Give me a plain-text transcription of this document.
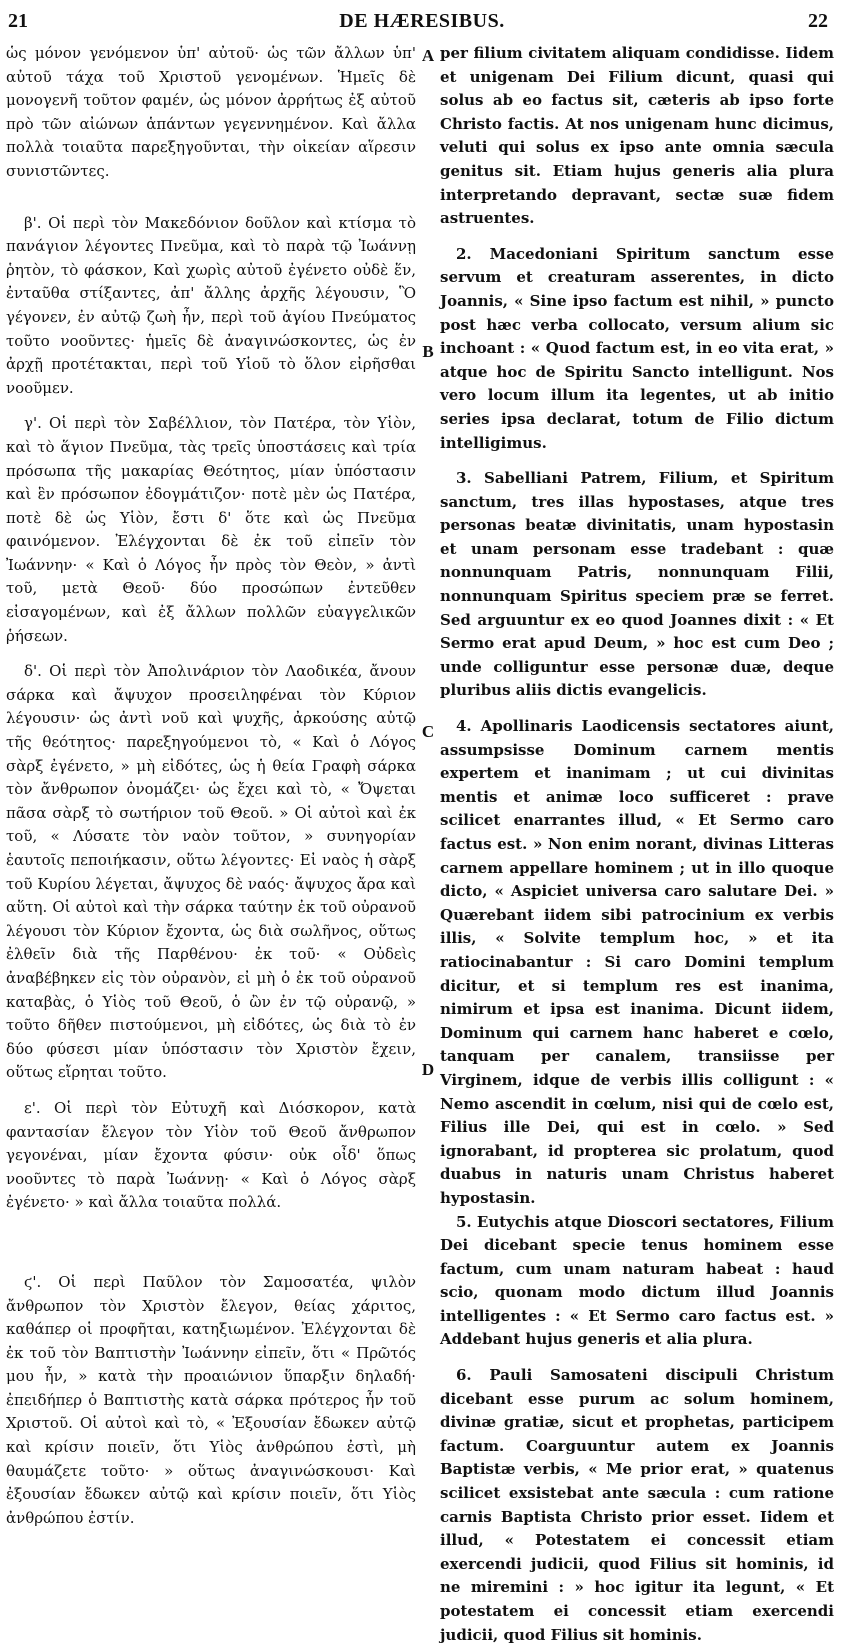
21	DE HÆRESIBUS.	22

ὡς μόνον γενόμενον ὑπ' αὐτοῦ· ὡς τῶν ἄλλων ὑπ' αὐτοῦ τάχα τοῦ Χριστοῦ γενομένων. Ἡμεῖς δὲ μονογενῆ τοῦτον φαμέν, ὡς μόνον ἀρρήτως ἐξ αὐτοῦ πρὸ τῶν αἰώνων ἁπάντων γεγεννημένον. Καὶ ἄλλα πολλὰ τοιαῦτα παρεξηγοῦνται, τὴν οἰκείαν αἵρεσιν συνιστῶντες.

β'. Οἱ περὶ τὸν Μακεδόνιον δοῦλον καὶ κτίσμα τὸ πανάγιον λέγοντες Πνεῦμα, καὶ τὸ παρὰ τῷ Ἰωάννῃ ῥητὸν, τὸ φάσκον, Καὶ χωρὶς αὐτοῦ ἐγένετο οὐδὲ ἕν, ἐνταῦθα στίξαντες, ἀπ' ἄλλης ἀρχῆς λέγουσιν, Ὃ γέγονεν, ἐν αὐτῷ ζωὴ ἦν, περὶ τοῦ ἁγίου Πνεύματος τοῦτο νοοῦντες· ἡμεῖς δὲ ἀναγινώσκοντες, ὡς ἐν ἀρχῇ προτέτακται, περὶ τοῦ Υἱοῦ τὸ ὅλον εἰρῆσθαι νοοῦμεν.

γ'. Οἱ περὶ τὸν Σαβέλλιον, τὸν Πατέρα, τὸν Υἱὸν, καὶ τὸ ἅγιον Πνεῦμα, τὰς τρεῖς ὑποστάσεις καὶ τρία πρόσωπα τῆς μακαρίας Θεότητος, μίαν ὑπόστασιν καὶ ἓν πρόσωπον ἐδογμάτιζον· ποτὲ μὲν ὡς Πατέρα, ποτὲ δὲ ὡς Υἱὸν, ἔστι δ' ὅτε καὶ ὡς Πνεῦμα φαινόμενον. Ἐλέγχονται δὲ ἐκ τοῦ εἰπεῖν τὸν Ἰωάννην· « Καὶ ὁ Λόγος ἦν πρὸς τὸν Θεὸν, » ἀντὶ τοῦ, μετὰ Θεοῦ· δύο προσώπων ἐντεῦθεν εἰσαγομένων, καὶ ἐξ ἄλλων πολλῶν εὐαγγελικῶν ῥήσεων.

δ'. Οἱ περὶ τὸν Ἀπολινάριον τὸν Λαοδικέα, ἄνουν σάρκα καὶ ἄψυχον προσειληφέναι τὸν Κύριον λέγουσιν· ὡς ἀντὶ νοῦ καὶ ψυχῆς, ἀρκούσης αὐτῷ τῆς θεότητος· παρεξηγούμενοι τὸ, « Καὶ ὁ Λόγος σὰρξ ἐγένετο, » μὴ εἰδότες, ὡς ἡ θεία Γραφὴ σάρκα τὸν ἄνθρωπον ὀνομάζει· ὡς ἔχει καὶ τὸ, « Ὄψεται πᾶσα σὰρξ τὸ σωτήριον τοῦ Θεοῦ. » Οἱ αὐτοὶ καὶ ἐκ τοῦ, « Λύσατε τὸν ναὸν τοῦτον, » συνηγορίαν ἑαυτοῖς πεποιήκασιν, οὕτω λέγοντες· Εἰ ναὸς ἡ σὰρξ τοῦ Κυρίου λέγεται, ἄψυχος δὲ ναός· ἄψυχος ἄρα καὶ αὕτη. Οἱ αὐτοὶ καὶ τὴν σάρκα ταύτην ἐκ τοῦ οὐρανοῦ λέγουσι τὸν Κύριον ἔχοντα, ὡς διὰ σωλῆνος, οὕτως ἐλθεῖν διὰ τῆς Παρθένου· ἐκ τοῦ· « Οὐδεὶς ἀναβέβηκεν εἰς τὸν οὐρανὸν, εἰ μὴ ὁ ἐκ τοῦ οὐρανοῦ καταβὰς, ὁ Υἱὸς τοῦ Θεοῦ, ὁ ὢν ἐν τῷ οὐρανῷ, » τοῦτο δῆθεν πιστούμενοι, μὴ εἰδότες, ὡς διὰ τὸ ἐν δύο φύσεσι μίαν ὑπόστασιν τὸν Χριστὸν ἔχειν, οὕτως εἴρηται τοῦτο.

ε'. Οἱ περὶ τὸν Εὐτυχῆ καὶ Διόσκορον, κατὰ φαντασίαν ἔλεγον τὸν Υἱὸν τοῦ Θεοῦ ἄνθρωπον γεγονέναι, μίαν ἔχοντα φύσιν· οὐκ οἶδ' ὅπως νοοῦντες τὸ παρὰ Ἰωάννῃ· « Καὶ ὁ Λόγος σὰρξ ἐγένετο· » καὶ ἄλλα τοιαῦτα πολλά.

ϛ'. Οἱ περὶ Παῦλον τὸν Σαμοσατέα, ψιλὸν ἄνθρωπον τὸν Χριστὸν ἔλεγον, θείας χάριτος, καθάπερ οἱ προφῆται, κατηξιωμένον. Ἐλέγχονται δὲ ἐκ τοῦ τὸν Βαπτιστὴν Ἰωάννην εἰπεῖν, ὅτι « Πρῶτός μου ἦν, » κατὰ τὴν προαιώνιον ὕπαρξιν δηλαδή· ἐπειδήπερ ὁ Βαπτιστὴς κατὰ σάρκα πρότερος ἦν τοῦ Χριστοῦ. Οἱ αὐτοὶ καὶ τὸ, « Ἐξουσίαν ἔδωκεν αὐτῷ καὶ κρίσιν ποιεῖν, ὅτι Υἱὸς ἀνθρώπου ἐστὶ, μὴ θαυμάζετε τοῦτο· » οὕτως ἀναγινώσκουσι· Καὶ ἐξουσίαν ἔδωκεν αὐτῷ καὶ κρίσιν ποιεῖν, ὅτι Υἱὸς ἀνθρώπου ἐστίν.

A
B
C
D

per filium civitatem aliquam condidisse. Iidem et unigenam Dei Filium dicunt, quasi qui solus ab eo factus sit, cæteris ab ipso forte Christo factis. At nos unigenam hunc dicimus, veluti qui solus ex ipso ante omnia sæcula genitus sit. Etiam hujus generis alia plura interpretando depravant, sectæ suæ fidem astruentes.

2. Macedoniani Spiritum sanctum esse servum et creaturam asserentes, in dicto Joannis, « Sine ipso factum est nihil, » puncto post hæc verba collocato, versum alium sic inchoant : « Quod factum est, in eo vita erat, » atque hoc de Spiritu Sancto intelligunt. Nos vero locum illum ita legentes, ut ab initio series ipsa declarat, totum de Filio dictum intelligimus.

3. Sabelliani Patrem, Filium, et Spiritum sanctum, tres illas hypostases, atque tres personas beatæ divinitatis, unam hypostasin et unam personam esse tradebant : quæ nonnunquam Patris, nonnunquam Filii, nonnunquam Spiritus speciem præ se ferret. Sed arguuntur ex eo quod Joannes dixit : « Et Sermo erat apud Deum, » hoc est cum Deo ; unde colliguntur esse personæ duæ, deque pluribus aliis dictis evangelicis.

4. Apollinaris Laodicensis sectatores aiunt, assumpsisse Dominum carnem mentis expertem et inanimam ; ut cui divinitas mentis et animæ loco sufficeret : prave scilicet enarrantes illud, « Et Sermo caro factus est. » Non enim norant, divinas Litteras carnem appellare hominem ; ut in illo quoque dicto, « Aspiciet universa caro salutare Dei. » Quærebant iidem sibi patrocinium ex verbis illis, « Solvite templum hoc, » et ita ratiocinabantur : Si caro Domini templum dicitur, et si templum res est inanima, nimirum et ipsa est inanima. Dicunt iidem, Dominum qui carnem hanc haberet e cœlo, tanquam per canalem, transiisse per Virginem, idque de verbis illis colligunt : « Nemo ascendit in cœlum, nisi qui de cœlo est, Filius ille Dei, qui est in cœlo. » Sed ignorabant, id propterea sic prolatum, quod duabus in naturis unam Christus haberet hypostasin.

5. Eutychis atque Dioscori sectatores, Filium Dei dicebant specie tenus hominem esse factum, cum unam naturam habeat : haud scio, quonam modo dictum illud Joannis intelligentes : « Et Sermo caro factus est. » Addebant hujus generis et alia plura.

6. Pauli Samosateni discipuli Christum dicebant esse purum ac solum hominem, divinæ gratiæ, sicut et prophetas, participem factum. Coarguuntur autem ex Joannis Baptistæ verbis, « Me prior erat, » quatenus scilicet exsistebat ante sæcula : cum ratione carnis Baptista Christo prior esset. Iidem et illud, « Potestatem ei concessit etiam exercendi judicii, quod Filius sit hominis, id ne miremini : » hoc igitur ita legunt, « Et potestatem ei concessit etiam exercendi judicii, quod Filius sit hominis.
